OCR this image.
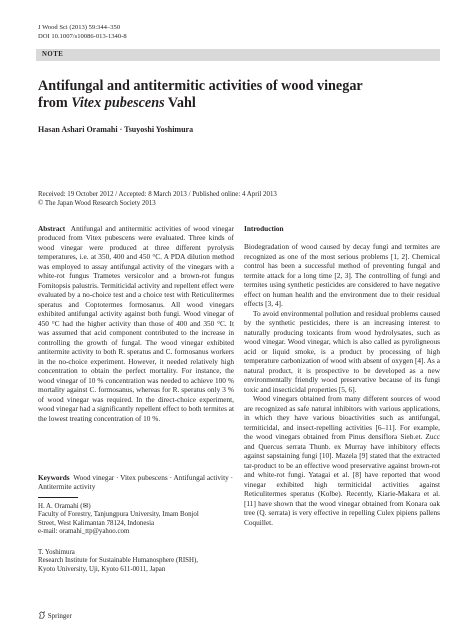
J Wood Sci (2013) 59:344–350
DOI 10.1007/s10086-013-1340-8
NOTE
Antifungal and antitermitic activities of wood vinegar
from Vitex pubescens Vahl
Hasan Ashari Oramahi · Tsuyoshi Yoshimura
Received: 19 October 2012 / Accepted: 8 March 2013 / Published online: 4 April 2013
© The Japan Wood Research Society 2013

Abstract Antifungal and antitermitic activities of wood vinegar produced from Vitex pubescens were evaluated. Three kinds of wood vinegar were produced at three different pyrolysis temperatures, i.e. at 350, 400 and 450 °C. A PDA dilution method was employed to assay antifungal activity of the vinegars with a white-rot fungus Trametes versicolor and a brown-rot fungus Fomitopsis palustris. Termiticidal activity and repellent effect were evaluated by a no-choice test and a choice test with Reticulitermes speratus and Coptotermes formosanus. All wood vinegars exhibited antifungal activity against both fungi. Wood vinegar of 450 °C had the higher activity than those of 400 and 350 °C. It was assumed that acid component contributed to the increase in controlling the growth of fungal. The wood vinegar exhibited antitermite activity to both R. speratus and C. formosanus workers in the no-choice experiment. However, it needed relatively high concentration to obtain the perfect mortality. For instance, the wood vinegar of 10 % concentration was needed to achieve 100 % mortality against C. formosanus, whereas for R. speratus only 3 % of wood vinegar was required. In the direct-choice experiment, wood vinegar had a significantly repellent effect to both termites at the lowest treating concentration of 10 %.

Keywords Wood vinegar · Vitex pubescens · Antifungal activity · Antitermite activity
H. A. Oramahi (✉)
Faculty of Forestry, Tanjungpura University, Imam Bonjol
Street, West Kalimantan 78124, Indonesia
e-mail: oramahi_ttp@yahoo.com
T. Yoshimura
Research Institute for Sustainable Humanosphere (RISH),
Kyoto University, Uji, Kyoto 611-0011, Japan
Springer

Introduction

Biodegradation of wood caused by decay fungi and termites are recognized as one of the most serious problems [1, 2]. Chemical control has been a successful method of preventing fungal and termite attack for a long time [2, 3]. The controlling of fungi and termites using synthetic pesticides are considered to have negative effect on human health and the environment due to their residual effects [3, 4].

To avoid environmental pollution and residual problems caused by the synthetic pesticides, there is an increasing interest to naturally producing toxicants from wood hydrolysates, such as wood vinegar. Wood vinegar, which is also called as pyroligneous acid or liquid smoke, is a product by processing of high temperature carbonization of wood with absent of oxygen [4]. As a natural product, it is prospective to be developed as a new environmentally friendly wood preservative because of its fungi toxic and insecticidal properties [5, 6].

Wood vinegars obtained from many different sources of wood are recognized as safe natural inhibitors with various applications, in which they have various bioactivities such as antifungal, termiticidal, and insect-repelling activities [6–11]. For example, the wood vinegars obtained from Pinus densiflora Sieb.et. Zucc and Quercus serrata Thunb. ex Murray have inhibitory effects against sapstaining fungi [10]. Mazela [9] stated that the extracted tar-product to be an effective wood preservative against brown-rot and white-rot fungi. Yatagai et al. [8] have reported that wood vinegar exhibited high termiticidal activities against Reticulitermes speratus (Kolbe). Recently, Kiarie-Makara et al. [11] have shown that the wood vinegar obtained from Konara oak tree (Q. serrata) is very effective in repelling Culex pipiens pallens Coquillet.
